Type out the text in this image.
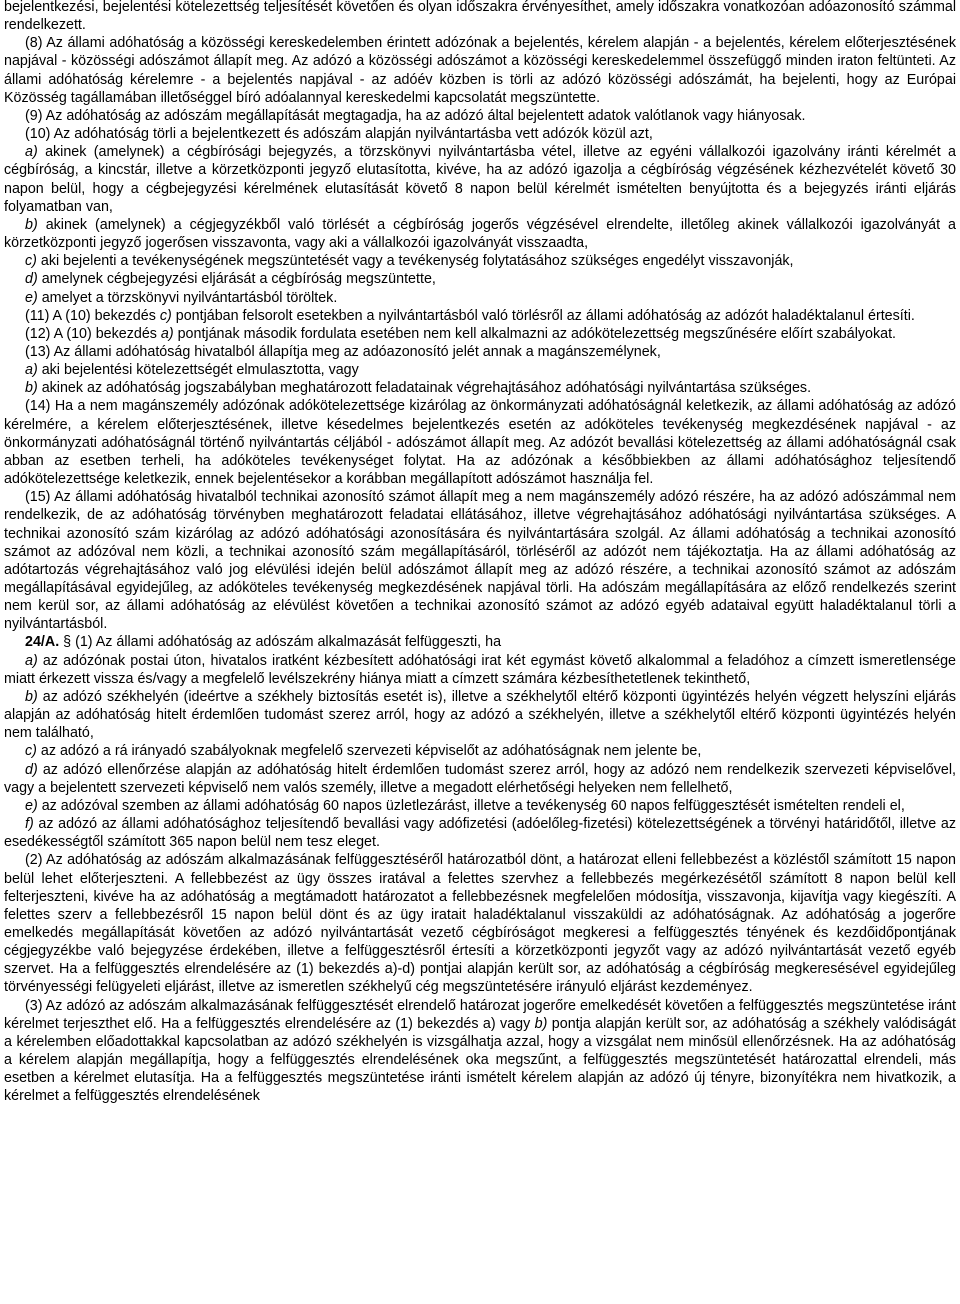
bejelentkezési, bejelentési kötelezettség teljesítését követően és olyan időszakra érvényesíthet, amely időszakra vonatkozóan adóazonosító számmal rendelkezett.

(8) Az állami adóhatóság a közösségi kereskedelemben érintett adózónak a bejelentés, kérelem alapján - a bejelentés, kérelem előterjesztésének napjával - közösségi adószámot állapít meg. Az adózó a közösségi adószámot a közösségi kereskedelemmel összefüggő minden iraton feltünteti. Az állami adóhatóság kérelemre - a bejelentés napjával - az adóév közben is törli az adózó közösségi adószámát, ha bejelenti, hogy az Európai Közösség tagállamában illetőséggel bíró adóalannyal kereskedelmi kapcsolatát megszüntette.

(9) Az adóhatóság az adószám megállapítását megtagadja, ha az adózó által bejelentett adatok valótlanok vagy hiányosak.

(10) Az adóhatóság törli a bejelentkezett és adószám alapján nyilvántartásba vett adózók közül azt,

a) akinek (amelynek) a cégbírósági bejegyzés, a törzskönyvi nyilvántartásba vétel, illetve az egyéni vállalkozói igazolvány iránti kérelmét a cégbíróság, a kincstár, illetve a körzetközponti jegyző elutasította, kivéve, ha az adózó igazolja a cégbíróság végzésének kézhezvételét követő 30 napon belül, hogy a cégbejegyzési kérelmének elutasítását követő 8 napon belül kérelmét ismételten benyújtotta és a bejegyzés iránti eljárás folyamatban van,

b) akinek (amelynek) a cégjegyzékből való törlését a cégbíróság jogerős végzésével elrendelte, illetőleg akinek vállalkozói igazolványát a körzetközponti jegyző jogerősen visszavonta, vagy aki a vállalkozói igazolványát visszaadta,

c) aki bejelenti a tevékenységének megszüntetését vagy a tevékenység folytatásához szükséges engedélyt visszavonják,

d) amelynek cégbejegyzési eljárását a cégbíróság megszüntette,

e) amelyet a törzskönyvi nyilvántartásból töröltek.

(11) A (10) bekezdés c) pontjában felsorolt esetekben a nyilvántartásból való törlésről az állami adóhatóság az adózót haladéktalanul értesíti.

(12) A (10) bekezdés a) pontjának második fordulata esetében nem kell alkalmazni az adókötelezettség megszűnésére előírt szabályokat.

(13) Az állami adóhatóság hivatalból állapítja meg az adóazonosító jelét annak a magánszemélynek,

a) aki bejelentési kötelezettségét elmulasztotta, vagy

b) akinek az adóhatóság jogszabályban meghatározott feladatainak végrehajtásához adóhatósági nyilvántartása szükséges.

(14) Ha a nem magánszemély adózónak adókötelezettsége kizárólag az önkormányzati adóhatóságnál keletkezik, az állami adóhatóság az adózó kérelmére, a kérelem előterjesztésének, illetve késedelmes bejelentkezés esetén az adóköteles tevékenység megkezdésének napjával - az önkormányzati adóhatóságnál történő nyilvántartás céljából - adószámot állapít meg. Az adózót bevallási kötelezettség az állami adóhatóságnál csak abban az esetben terheli, ha adóköteles tevékenységet folytat. Ha az adózónak a későbbiekben az állami adóhatósághoz teljesítendő adókötelezettsége keletkezik, ennek bejelentésekor a korábban megállapított adószámot használja fel.

(15) Az állami adóhatóság hivatalból technikai azonosító számot állapít meg a nem magánszemély adózó részére, ha az adózó adószámmal nem rendelkezik, de az adóhatóság törvényben meghatározott feladatai ellátásához, illetve végrehajtásához adóhatósági nyilvántartása szükséges. A technikai azonosító szám kizárólag az adózó adóhatósági azonosítására és nyilvántartására szolgál. Az állami adóhatóság a technikai azonosító számot az adózóval nem közli, a technikai azonosító szám megállapításáról, törléséről az adózót nem tájékoztatja. Ha az állami adóhatóság az adótartozás végrehajtásához való jog elévülési idején belül adószámot állapít meg az adózó részére, a technikai azonosító számot az adószám megállapításával egyidejűleg, az adóköteles tevékenység megkezdésének napjával törli. Ha adószám megállapítására az előző rendelkezés szerint nem kerül sor, az állami adóhatóság az elévülést követően a technikai azonosító számot az adózó egyéb adataival együtt haladéktalanul törli a nyilvántartásból.

24/A. § (1) Az állami adóhatóság az adószám alkalmazását felfüggeszti, ha

a) az adózónak postai úton, hivatalos iratként kézbesített adóhatósági irat két egymást követő alkalommal a feladóhoz a címzett ismeretlensége miatt érkezett vissza és/vagy a megfelelő levélszekrény hiánya miatt a címzett számára kézbesíthetetlenek tekinthető,

b) az adózó székhelyén (ideértve a székhely biztosítás esetét is), illetve a székhelytől eltérő központi ügyintézés helyén végzett helyszíni eljárás alapján az adóhatóság hitelt érdemlően tudomást szerez arról, hogy az adózó a székhelyén, illetve a székhelytől eltérő központi ügyintézés helyén nem található,

c) az adózó a rá irányadó szabályoknak megfelelő szervezeti képviselőt az adóhatóságnak nem jelente be,

d) az adózó ellenőrzése alapján az adóhatóság hitelt érdemlően tudomást szerez arról, hogy az adózó nem rendelkezik szervezeti képviselővel, vagy a bejelentett szervezeti képviselő nem valós személy, illetve a megadott elérhetőségi helyeken nem fellelhető,

e) az adózóval szemben az állami adóhatóság 60 napos üzletlezárást, illetve a tevékenység 60 napos felfüggesztését ismételten rendeli el,

f) az adózó az állami adóhatósághoz teljesítendő bevallási vagy adófizetési (adóelőleg-fizetési) kötelezettségének a törvényi határidőtől, illetve az esedékességtől számított 365 napon belül nem tesz eleget.

(2) Az adóhatóság az adószám alkalmazásának felfüggesztéséről határozatból dönt, a határozat elleni fellebbezést a közléstől számított 15 napon belül lehet előterjeszteni. A fellebbezést az ügy összes iratával a felettes szervhez a fellebbezés megérkezésétől számított 8 napon belül kell felterjeszteni, kivéve ha az adóhatóság a megtámadott határozatot a fellebbezésnek megfelelően módosítja, visszavonja, kijavítja vagy kiegészíti. A felettes szerv a fellebbezésről 15 napon belül dönt és az ügy iratait haladéktalanul visszaküldi az adóhatóságnak. Az adóhatóság a jogerőre emelkedés megállapítását követően az adózó nyilvántartását vezető cégbíróságot megkeresi a felfüggesztés tényének és kezdőidőpontjának cégjegyzékbe való bejegyzése érdekében, illetve a felfüggesztésről értesíti a körzetközponti jegyzőt vagy az adózó nyilvántartását vezető egyéb szervet. Ha a felfüggesztés elrendelésére az (1) bekezdés a)-d) pontjai alapján került sor, az adóhatóság a cégbíróság megkeresésével egyidejűleg törvényességi felügyeleti eljárást, illetve az ismeretlen székhelyű cég megszüntetésére irányuló eljárást kezdeményez.

(3) Az adózó az adószám alkalmazásának felfüggesztését elrendelő határozat jogerőre emelkedését követően a felfüggesztés megszüntetése iránt kérelmet terjeszthet elő. Ha a felfüggesztés elrendelésére az (1) bekezdés a) vagy b) pontja alapján került sor, az adóhatóság a székhely valódiságát a kérelemben előadottakkal kapcsolatban az adózó székhelyén is vizsgálhatja azzal, hogy a vizsgálat nem minősül ellenőrzésnek. Ha az adóhatóság a kérelem alapján megállapítja, hogy a felfüggesztés elrendelésének oka megszűnt, a felfüggesztés megszüntetését határozattal elrendeli, más esetben a kérelmet elutasítja. Ha a felfüggesztés megszüntetése iránti ismételt kérelem alapján az adózó új tényre, bizonyítékra nem hivatkozik, a kérelmet a felfüggesztés elrendelésének
